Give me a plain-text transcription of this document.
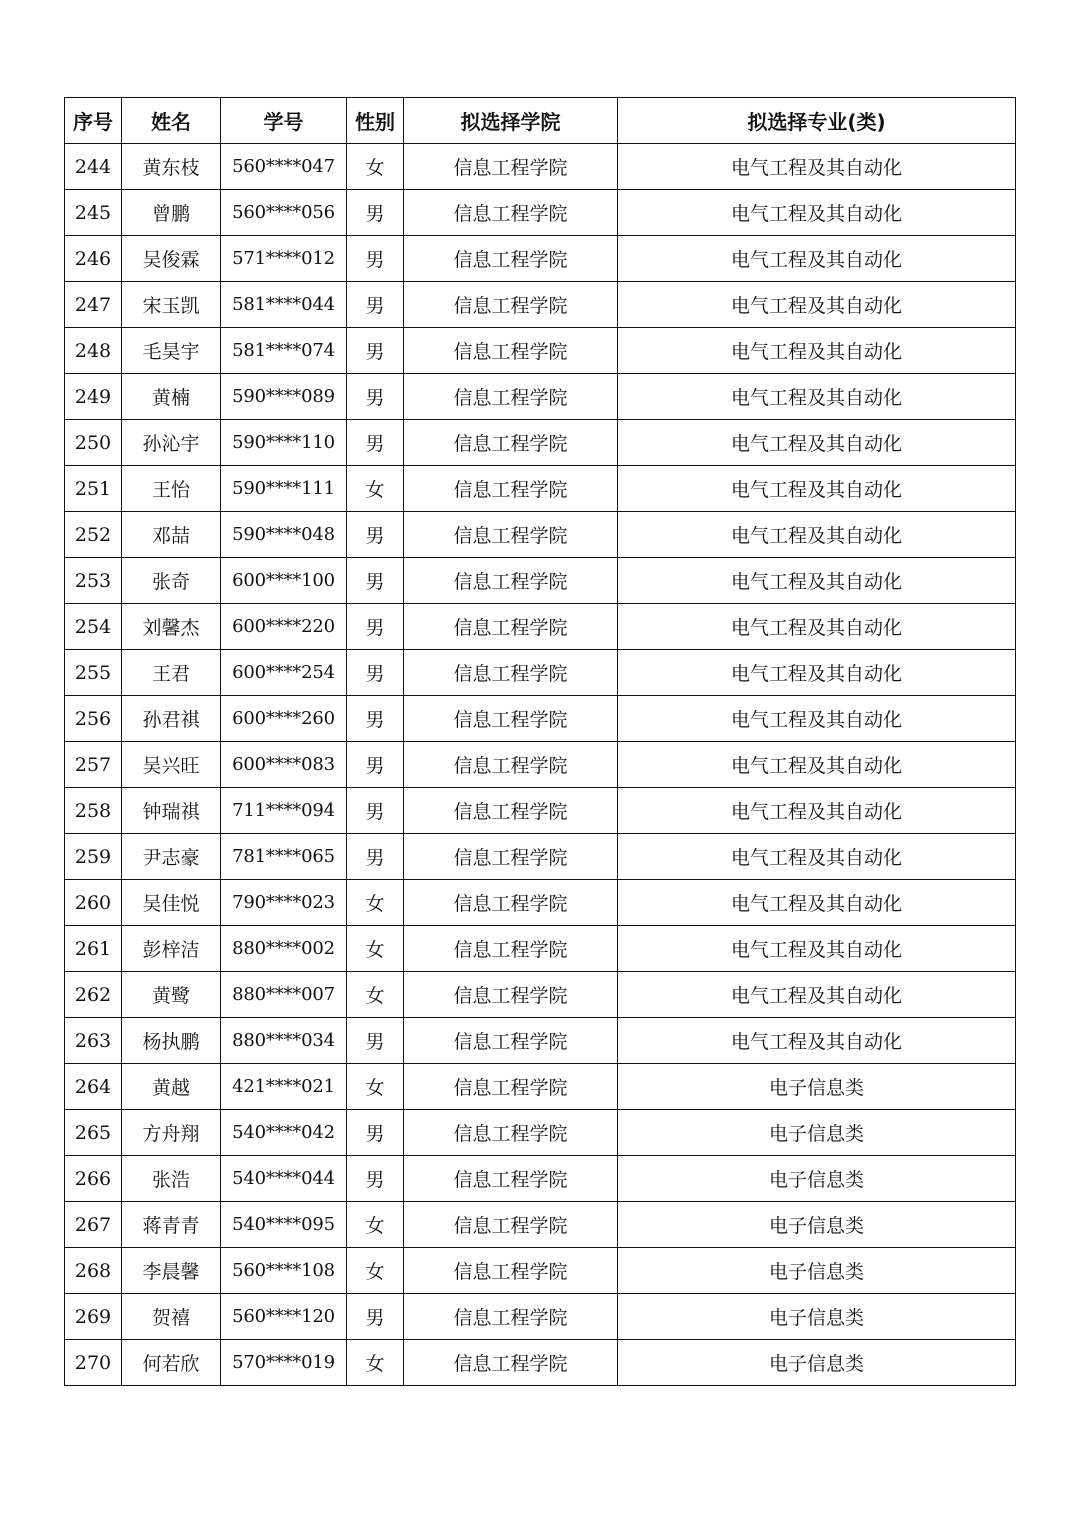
序号	姓名	学号	性别	拟选择学院	拟选择专业(类)
244	黄东枝	560****047	女	信息工程学院	电气工程及其自动化
245	曾鹏	560****056	男	信息工程学院	电气工程及其自动化
246	吴俊霖	571****012	男	信息工程学院	电气工程及其自动化
247	宋玉凯	581****044	男	信息工程学院	电气工程及其自动化
248	毛昊宇	581****074	男	信息工程学院	电气工程及其自动化
249	黄楠	590****089	男	信息工程学院	电气工程及其自动化
250	孙沁宇	590****110	男	信息工程学院	电气工程及其自动化
251	王怡	590****111	女	信息工程学院	电气工程及其自动化
252	邓喆	590****048	男	信息工程学院	电气工程及其自动化
253	张奇	600****100	男	信息工程学院	电气工程及其自动化
254	刘馨杰	600****220	男	信息工程学院	电气工程及其自动化
255	王君	600****254	男	信息工程学院	电气工程及其自动化
256	孙君祺	600****260	男	信息工程学院	电气工程及其自动化
257	吴兴旺	600****083	男	信息工程学院	电气工程及其自动化
258	钟瑞祺	711****094	男	信息工程学院	电气工程及其自动化
259	尹志豪	781****065	男	信息工程学院	电气工程及其自动化
260	吴佳悦	790****023	女	信息工程学院	电气工程及其自动化
261	彭梓洁	880****002	女	信息工程学院	电气工程及其自动化
262	黄鹭	880****007	女	信息工程学院	电气工程及其自动化
263	杨执鹏	880****034	男	信息工程学院	电气工程及其自动化
264	黄越	421****021	女	信息工程学院	电子信息类
265	方舟翔	540****042	男	信息工程学院	电子信息类
266	张浩	540****044	男	信息工程学院	电子信息类
267	蒋青青	540****095	女	信息工程学院	电子信息类
268	李晨馨	560****108	女	信息工程学院	电子信息类
269	贺禧	560****120	男	信息工程学院	电子信息类
270	何若欣	570****019	女	信息工程学院	电子信息类
